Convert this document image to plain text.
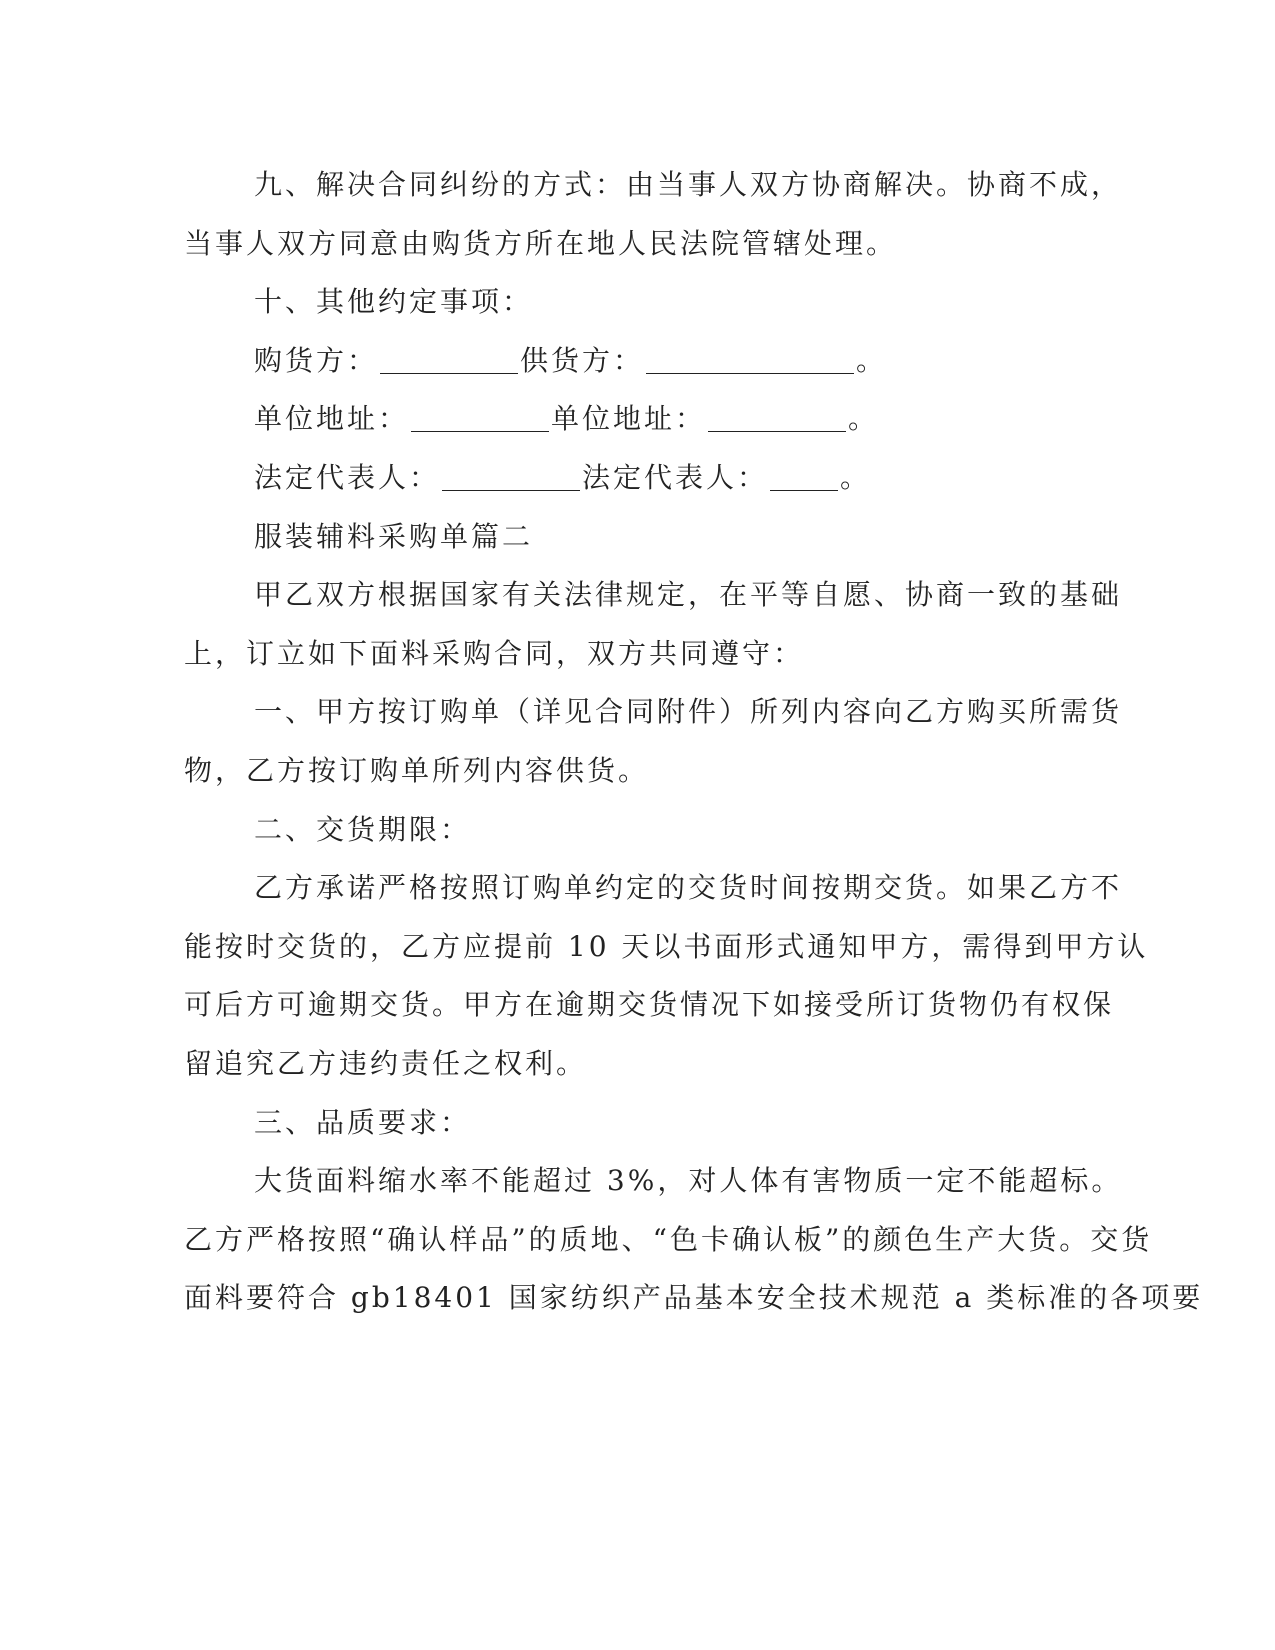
九、解决合同纠纷的方式：由当事人双方协商解决。协商不成，
当事人双方同意由购货方所在地人民法院管辖处理。
十、其他约定事项：
购货方：	供货方：	。
单位地址：	单位地址：	。
法定代表人：	法定代表人：	。
服装辅料采购单篇二
甲乙双方根据国家有关法律规定，在平等自愿、协商一致的基础
上，订立如下面料采购合同，双方共同遵守：
一、甲方按订购单（详见合同附件）所列内容向乙方购买所需货
物，乙方按订购单所列内容供货。
二、交货期限：
乙方承诺严格按照订购单约定的交货时间按期交货。如果乙方不
能按时交货的，乙方应提前 10 天以书面形式通知甲方，需得到甲方认
可后方可逾期交货。甲方在逾期交货情况下如接受所订货物仍有权保
留追究乙方违约责任之权利。
三、品质要求：
大货面料缩水率不能超过 3%，对人体有害物质一定不能超标。
乙方严格按照“确认样品”的质地、“色卡确认板”的颜色生产大货。交货
面料要符合 gb18401 国家纺织产品基本安全技术规范 a 类标准的各项要
